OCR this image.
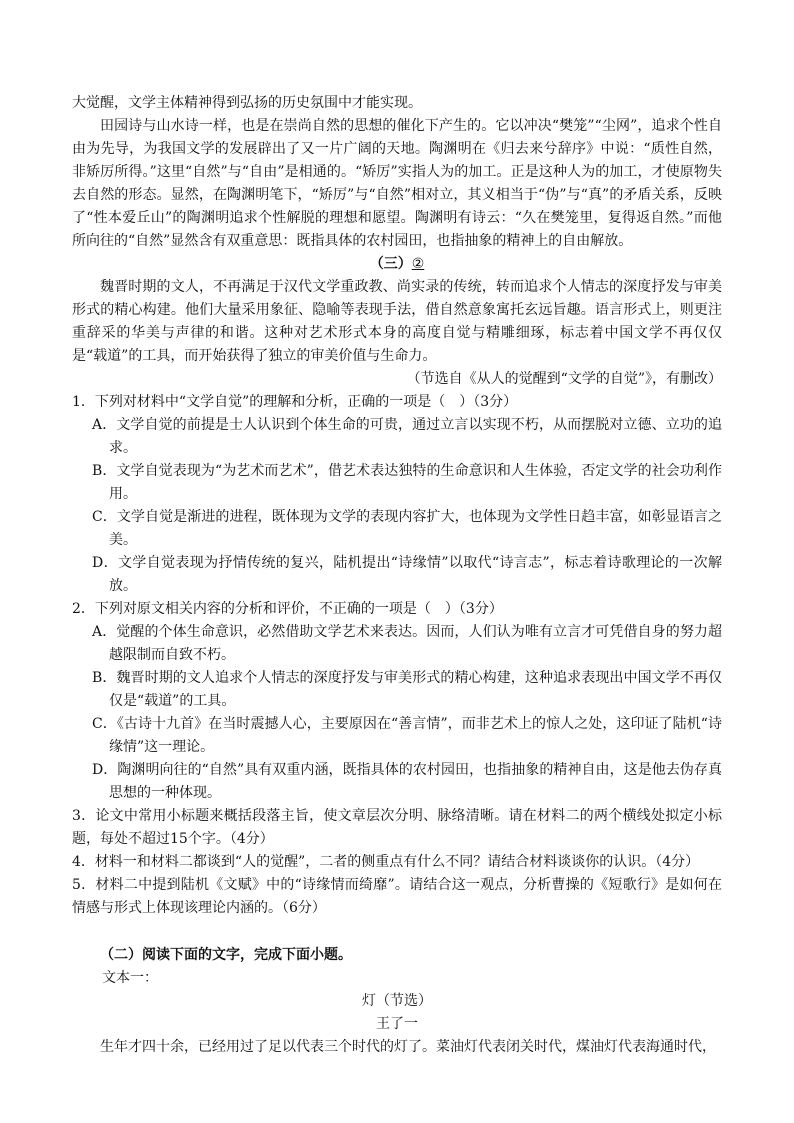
大觉醒，文学主体精神得到弘扬的历史氛围中才能实现。

田园诗与山水诗一样，也是在崇尚自然的思想的催化下产生的。它以冲决“樊笼”“尘网”，追求个性自由为先导，为我国文学的发展辟出了又一片广阔的天地。陶渊明在《归去来兮辞序》中说：“质性自然，非矫厉所得。”这里“自然”与“自由”是相通的。“矫厉”实指人为的加工。正是这种人为的加工，才使原物失去自然的形态。显然，在陶渊明笔下，“矫厉”与“自然”相对立，其义相当于“伪”与“真”的矛盾关系，反映了“性本爱丘山”的陶渊明追求个性解脱的理想和愿望。陶渊明有诗云：“久在樊笼里，复得返自然。”而他所向往的“自然”显然含有双重意思：既指具体的农村园田，也指抽象的精神上的自由解放。

（三）②

魏晋时期的文人，不再满足于汉代文学重政教、尚实录的传统，转而追求个人情志的深度抒发与审美形式的精心构建。他们大量采用象征、隐喻等表现手法，借自然意象寓托玄远旨趣。语言形式上，则更注重辞采的华美与声律的和谐。这种对艺术形式本身的高度自觉与精雕细琢，标志着中国文学不再仅仅是“载道”的工具，而开始获得了独立的审美价值与生命力。

（节选自《从人的觉醒到“文学的自觉”》，有删改）

1．下列对材料中“文学自觉”的理解和分析，正确的一项是（　）（3分）

A．文学自觉的前提是士人认识到个体生命的可贵，通过立言以实现不朽，从而摆脱对立德、立功的追求。

B．文学自觉表现为“为艺术而艺术”，借艺术表达独特的生命意识和人生体验，否定文学的社会功利作用。

C．文学自觉是渐进的进程，既体现为文学的表现内容扩大，也体现为文学性日趋丰富，如彰显语言之美。

D．文学自觉表现为抒情传统的复兴，陆机提出“诗缘情”以取代“诗言志”，标志着诗歌理论的一次解放。

2．下列对原文相关内容的分析和评价，不正确的一项是（　）（3分）

A．觉醒的个体生命意识，必然借助文学艺术来表达。因而，人们认为唯有立言才可凭借自身的努力超越限制而自致不朽。

B．魏晋时期的文人追求个人情志的深度抒发与审美形式的精心构建，这种追求表现出中国文学不再仅仅是“载道”的工具。

C．《古诗十九首》在当时震撼人心，主要原因在“善言情”，而非艺术上的惊人之处，这印证了陆机“诗缘情”这一理论。

D．陶渊明向往的“自然”具有双重内涵，既指具体的农村园田，也指抽象的精神自由，这是他去伪存真思想的一种体现。

3．论文中常用小标题来概括段落主旨，使文章层次分明、脉络清晰。请在材料二的两个横线处拟定小标题，每处不超过15个字。（4分）

4．材料一和材料二都谈到“人的觉醒”，二者的侧重点有什么不同？请结合材料谈谈你的认识。（4分）

5．材料二中提到陆机《文赋》中的“诗缘情而绮靡”。请结合这一观点，分析曹操的《短歌行》是如何在情感与形式上体现该理论内涵的。（6分）

（二）阅读下面的文字，完成下面小题。

文本一：

灯（节选）

王了一

生年才四十余，已经用过了足以代表三个时代的灯了。菜油灯代表闭关时代，煤油灯代表海通时代，
